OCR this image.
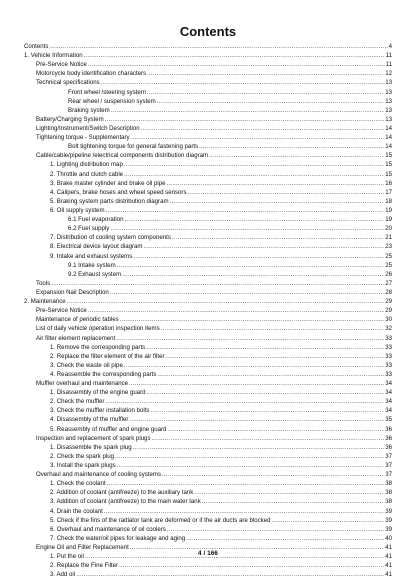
Contents
Contents .....	4
1. Vehicle Information .....	11
Pre-Service Notice .....	11
Motorcycle body identification characters .....	12
Technical specifications .....	13
Front wheel /steering system .....	13
Rear wheel / suspension system .....	13
Braking system .....	13
Battery/Charging System .....	13
Lighting/Instrument/Switch Description .....	14
Tightening torque - Supplementary .....	14
Bolt tightening torque for general fastening parts .....	14
Cable/cable/pipeline /electrical components distribution diagram .....	15
1. Lighting distribution map .....	15
2. Throttle and clutch cable .....	15
3. Brake master cylinder and brake oil pipe .....	16
4. Calipers, brake hoses and wheel speed sensors .....	17
5. Braking system parts distribution diagram .....	18
6. Oil supply system .....	19
6.1 Fuel evaporation .....	19
6.2 Fuel supply .....	20
7. Distribution of cooling system components .....	21
8. Electrical device layout diagram .....	23
9. Intake and exhaust systems .....	25
9.1 Intake system .....	25
9.2 Exhaust system .....	26
Tools .....	27
Expansion Nail Description .....	28
2. Maintenance .....	29
Pre-Service Notice .....	29
Maintenance of periodic tables .....	30
List of daily vehicle operation inspection items .....	32
Air filter element replacement .....	33
1. Remove the corresponding parts .....	33
2. Replace the filter element of the air filter .....	33
3. Check the waste oil pipe .....	33
4. Reassemble the corresponding parts .....	33
Muffler overhaul and maintenance .....	34
1. Disassembly of the engine guard .....	34
2. Check the muffler .....	34
3. Check the muffler installation bolts .....	34
4. Disassembly of the muffler .....	35
5. Reassembly of muffler and engine guard .....	36
Inspection and replacement of spark plugs .....	36
1. Disassemble the spark plug .....	36
2. Check the spark plug .....	37
3. Install the spark plugs .....	37
Overhaul and maintenance of cooling systems .....	37
1. Check the coolant .....	38
2. Addition of coolant (antifreeze) to the auxiliary tank .....	38
3. Addition of coolant (antifreeze) to the main water tank .....	38
4. Drain the coolant .....	39
5. Check if the fins of the radiator tank are deformed or if the air ducts are blocked .....	39
6. Overhaul and maintenance of oil coolers .....	39
7. Check the water/oil pipes for leakage and aging .....	40
Engine Oil and Filter Replacement .....	41
1. Put the oil .....	41
2. Replace the Fine Filter .....	41
3. Add oil .....	41
4 / 166
